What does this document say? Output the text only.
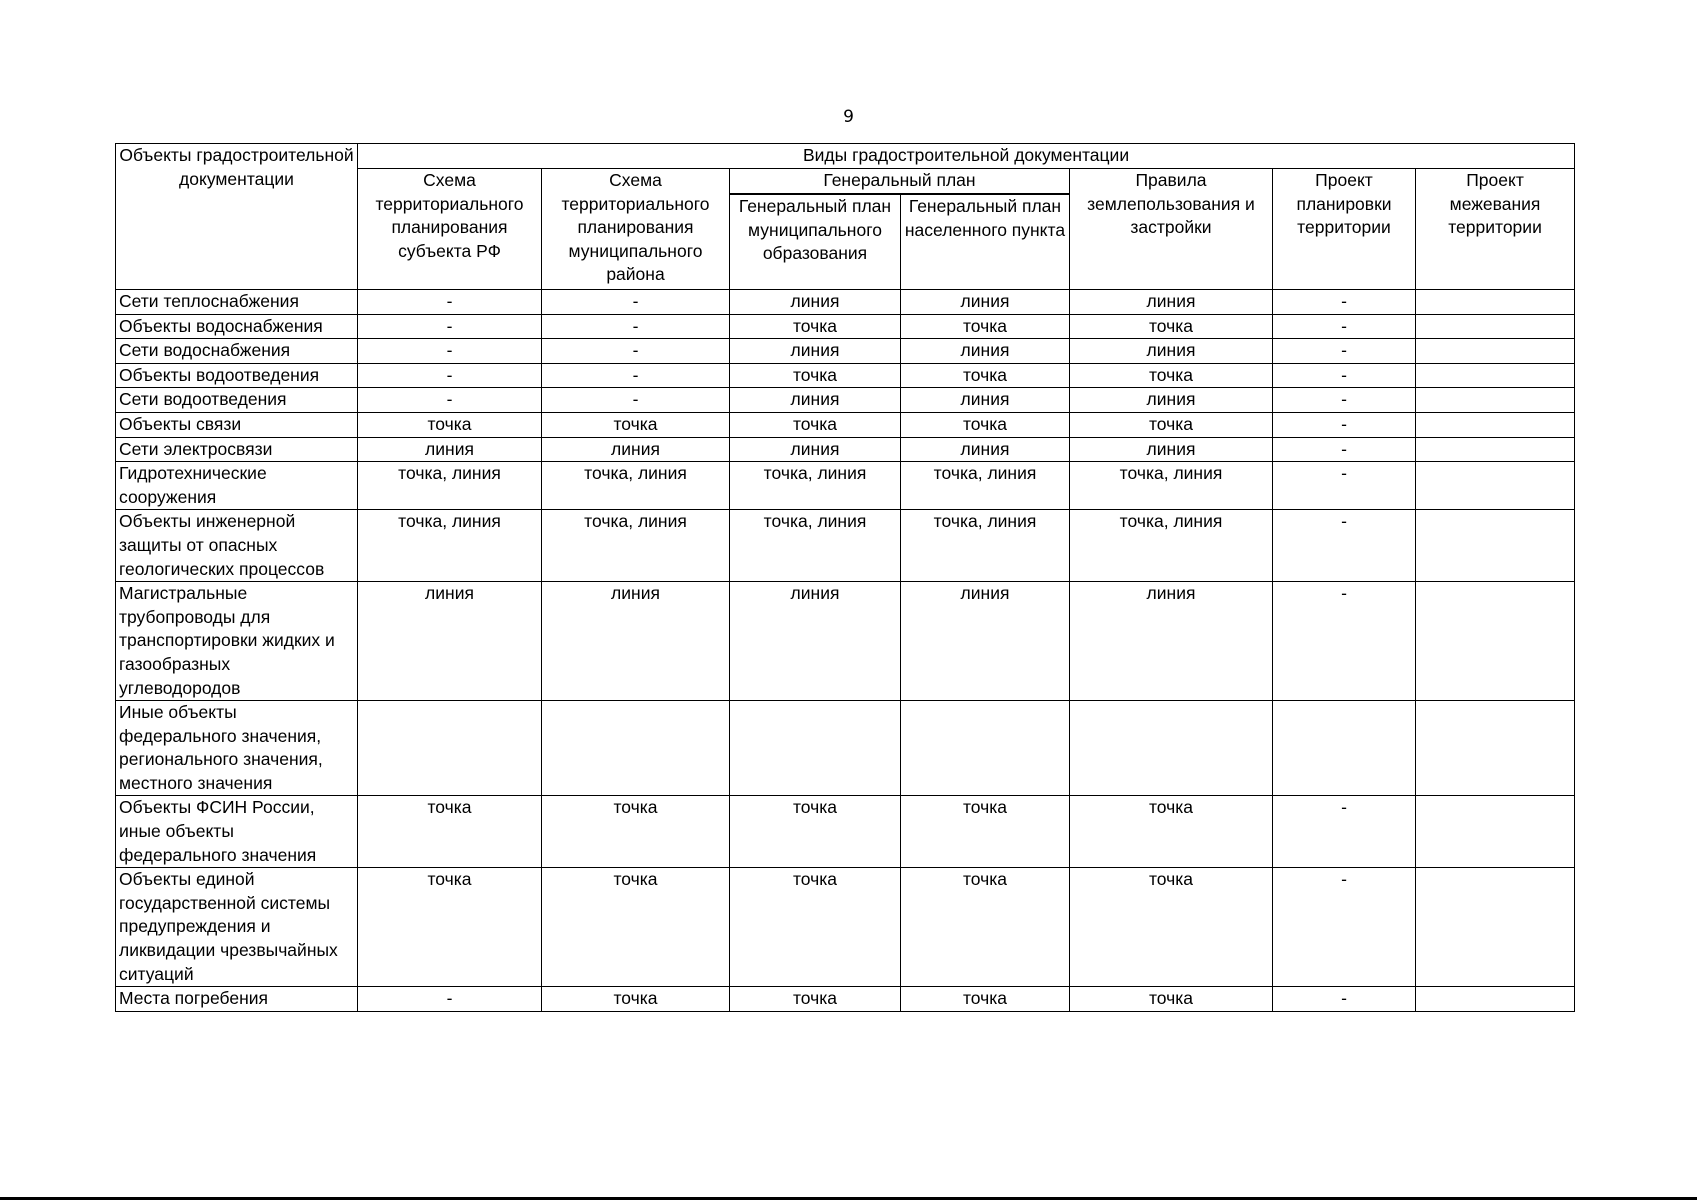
9
Объекты градостроительной документации	Виды градостроительной документации						
	Схема территориального планирования субъекта РФ	Схема территориального планирования муниципального района	Генеральный план		Правила землепользования и застройки	Проект планировки территории	Проект межевания территории
			Генеральный план муниципального образования	Генеральный план населенного пункта			
Сети теплоснабжения	-	-	линия	линия	линия	-	
Объекты водоснабжения	-	-	точка	точка	точка	-	
Сети водоснабжения	-	-	линия	линия	линия	-	
Объекты водоотведения	-	-	точка	точка	точка	-	
Сети водоотведения	-	-	линия	линия	линия	-	
Объекты связи	точка	точка	точка	точка	точка	-	
Сети электросвязи	линия	линия	линия	линия	линия	-	
Гидротехнические сооружения	точка, линия	точка, линия	точка, линия	точка, линия	точка, линия	-	
Объекты инженерной защиты от опасных геологических процессов	точка, линия	точка, линия	точка, линия	точка, линия	точка, линия	-	
Магистральные трубопроводы для транспортировки жидких и газообразных углеводородов	линия	линия	линия	линия	линия	-	
Иные объекты федерального значения, регионального значения, местного значения							
Объекты ФСИН России, иные объекты федерального значения	точка	точка	точка	точка	точка	-	
Объекты единой государственной системы предупреждения и ликвидации чрезвычайных ситуаций	точка	точка	точка	точка	точка	-	
Места погребения	-	точка	точка	точка	точка	-	
